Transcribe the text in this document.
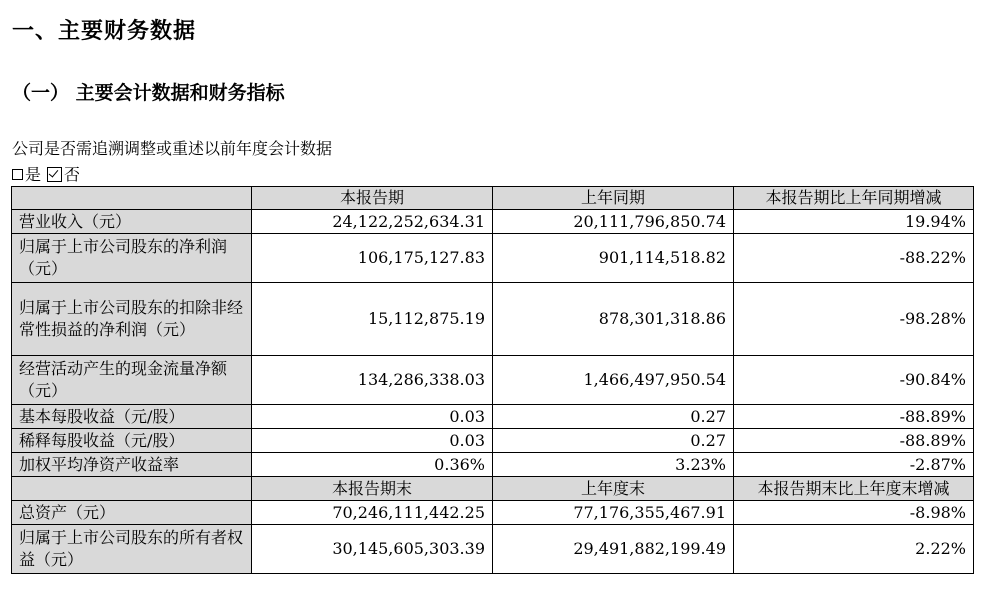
一、主要财务数据
（一） 主要会计数据和财务指标
公司是否需追溯调整或重述以前年度会计数据
是 否
	本报告期	上年同期	本报告期比上年同期增减
营业收入（元）	24,122,252,634.31	20,111,796,850.74	19.94%
归属于上市公司股东的净利润（元）	106,175,127.83	901,114,518.82	-88.22%
归属于上市公司股东的扣除非经常性损益的净利润（元）	15,112,875.19	878,301,318.86	-98.28%
经营活动产生的现金流量净额（元）	134,286,338.03	1,466,497,950.54	-90.84%
基本每股收益（元/股）	0.03	0.27	-88.89%
稀释每股收益（元/股）	0.03	0.27	-88.89%
加权平均净资产收益率	0.36%	3.23%	-2.87%
	本报告期末	上年度末	本报告期末比上年度末增减
总资产（元）	70,246,111,442.25	77,176,355,467.91	-8.98%
归属于上市公司股东的所有者权益（元）	30,145,605,303.39	29,491,882,199.49	2.22%
